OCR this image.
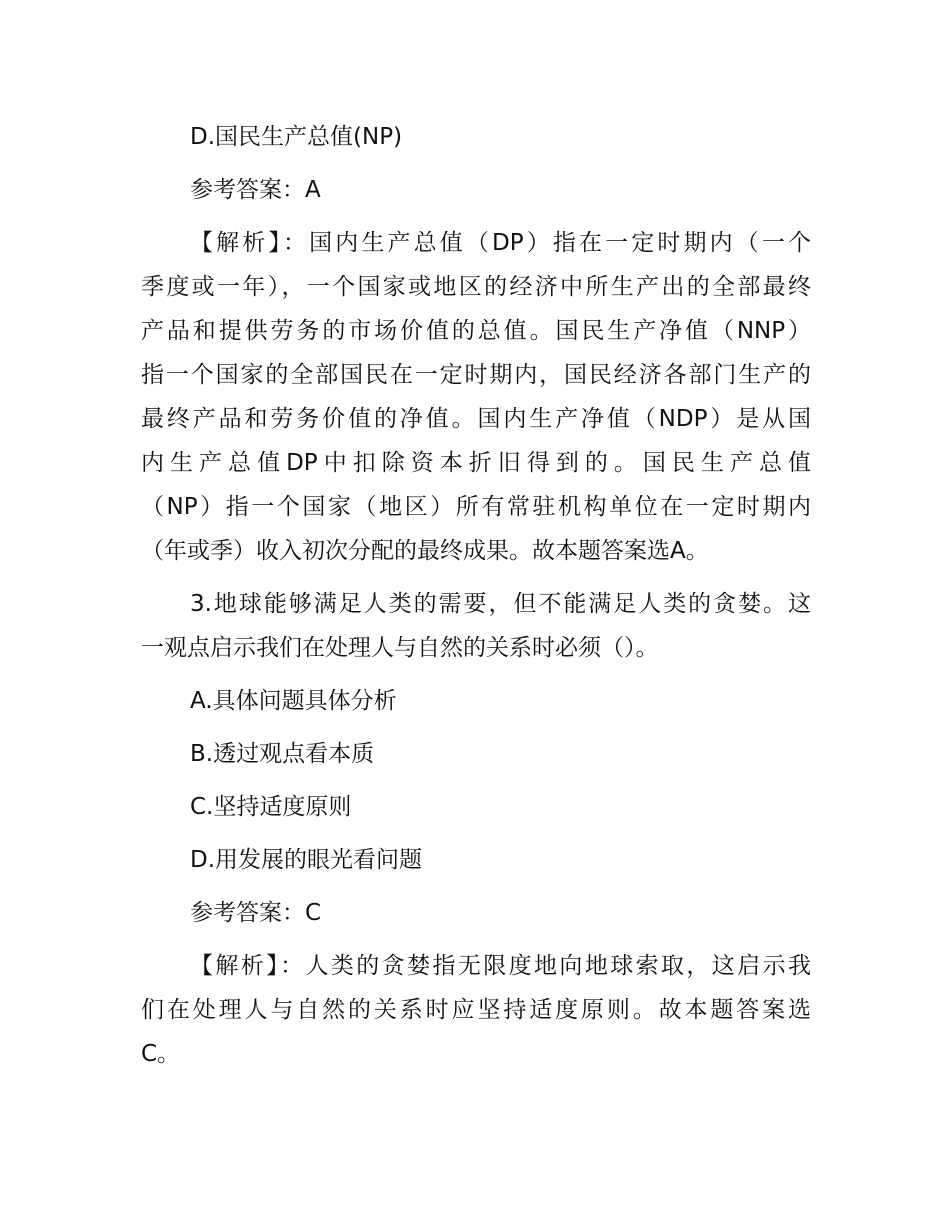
D.国民生产总值(NP)
参考答案：A
【解析】：国内生产总值（DP）指在一定时期内（一个
季度或一年），一个国家或地区的经济中所生产出的全部最终
产品和提供劳务的市场价值的总值。国民生产净值（NNP）
指一个国家的全部国民在一定时期内，国民经济各部门生产的
最终产品和劳务价值的净值。国内生产净值（NDP）是从国
内生产总值DP中扣除资本折旧得到的。国民生产总值
（NP）指一个国家（地区）所有常驻机构单位在一定时期内
（年或季）收入初次分配的最终成果。故本题答案选A。
3.地球能够满足人类的需要，但不能满足人类的贪婪。这
一观点启示我们在处理人与自然的关系时必须（）。
A.具体问题具体分析
B.透过观点看本质
C.坚持适度原则
D.用发展的眼光看问题
参考答案：C
【解析】：人类的贪婪指无限度地向地球索取，这启示我
们在处理人与自然的关系时应坚持适度原则。故本题答案选
C。
